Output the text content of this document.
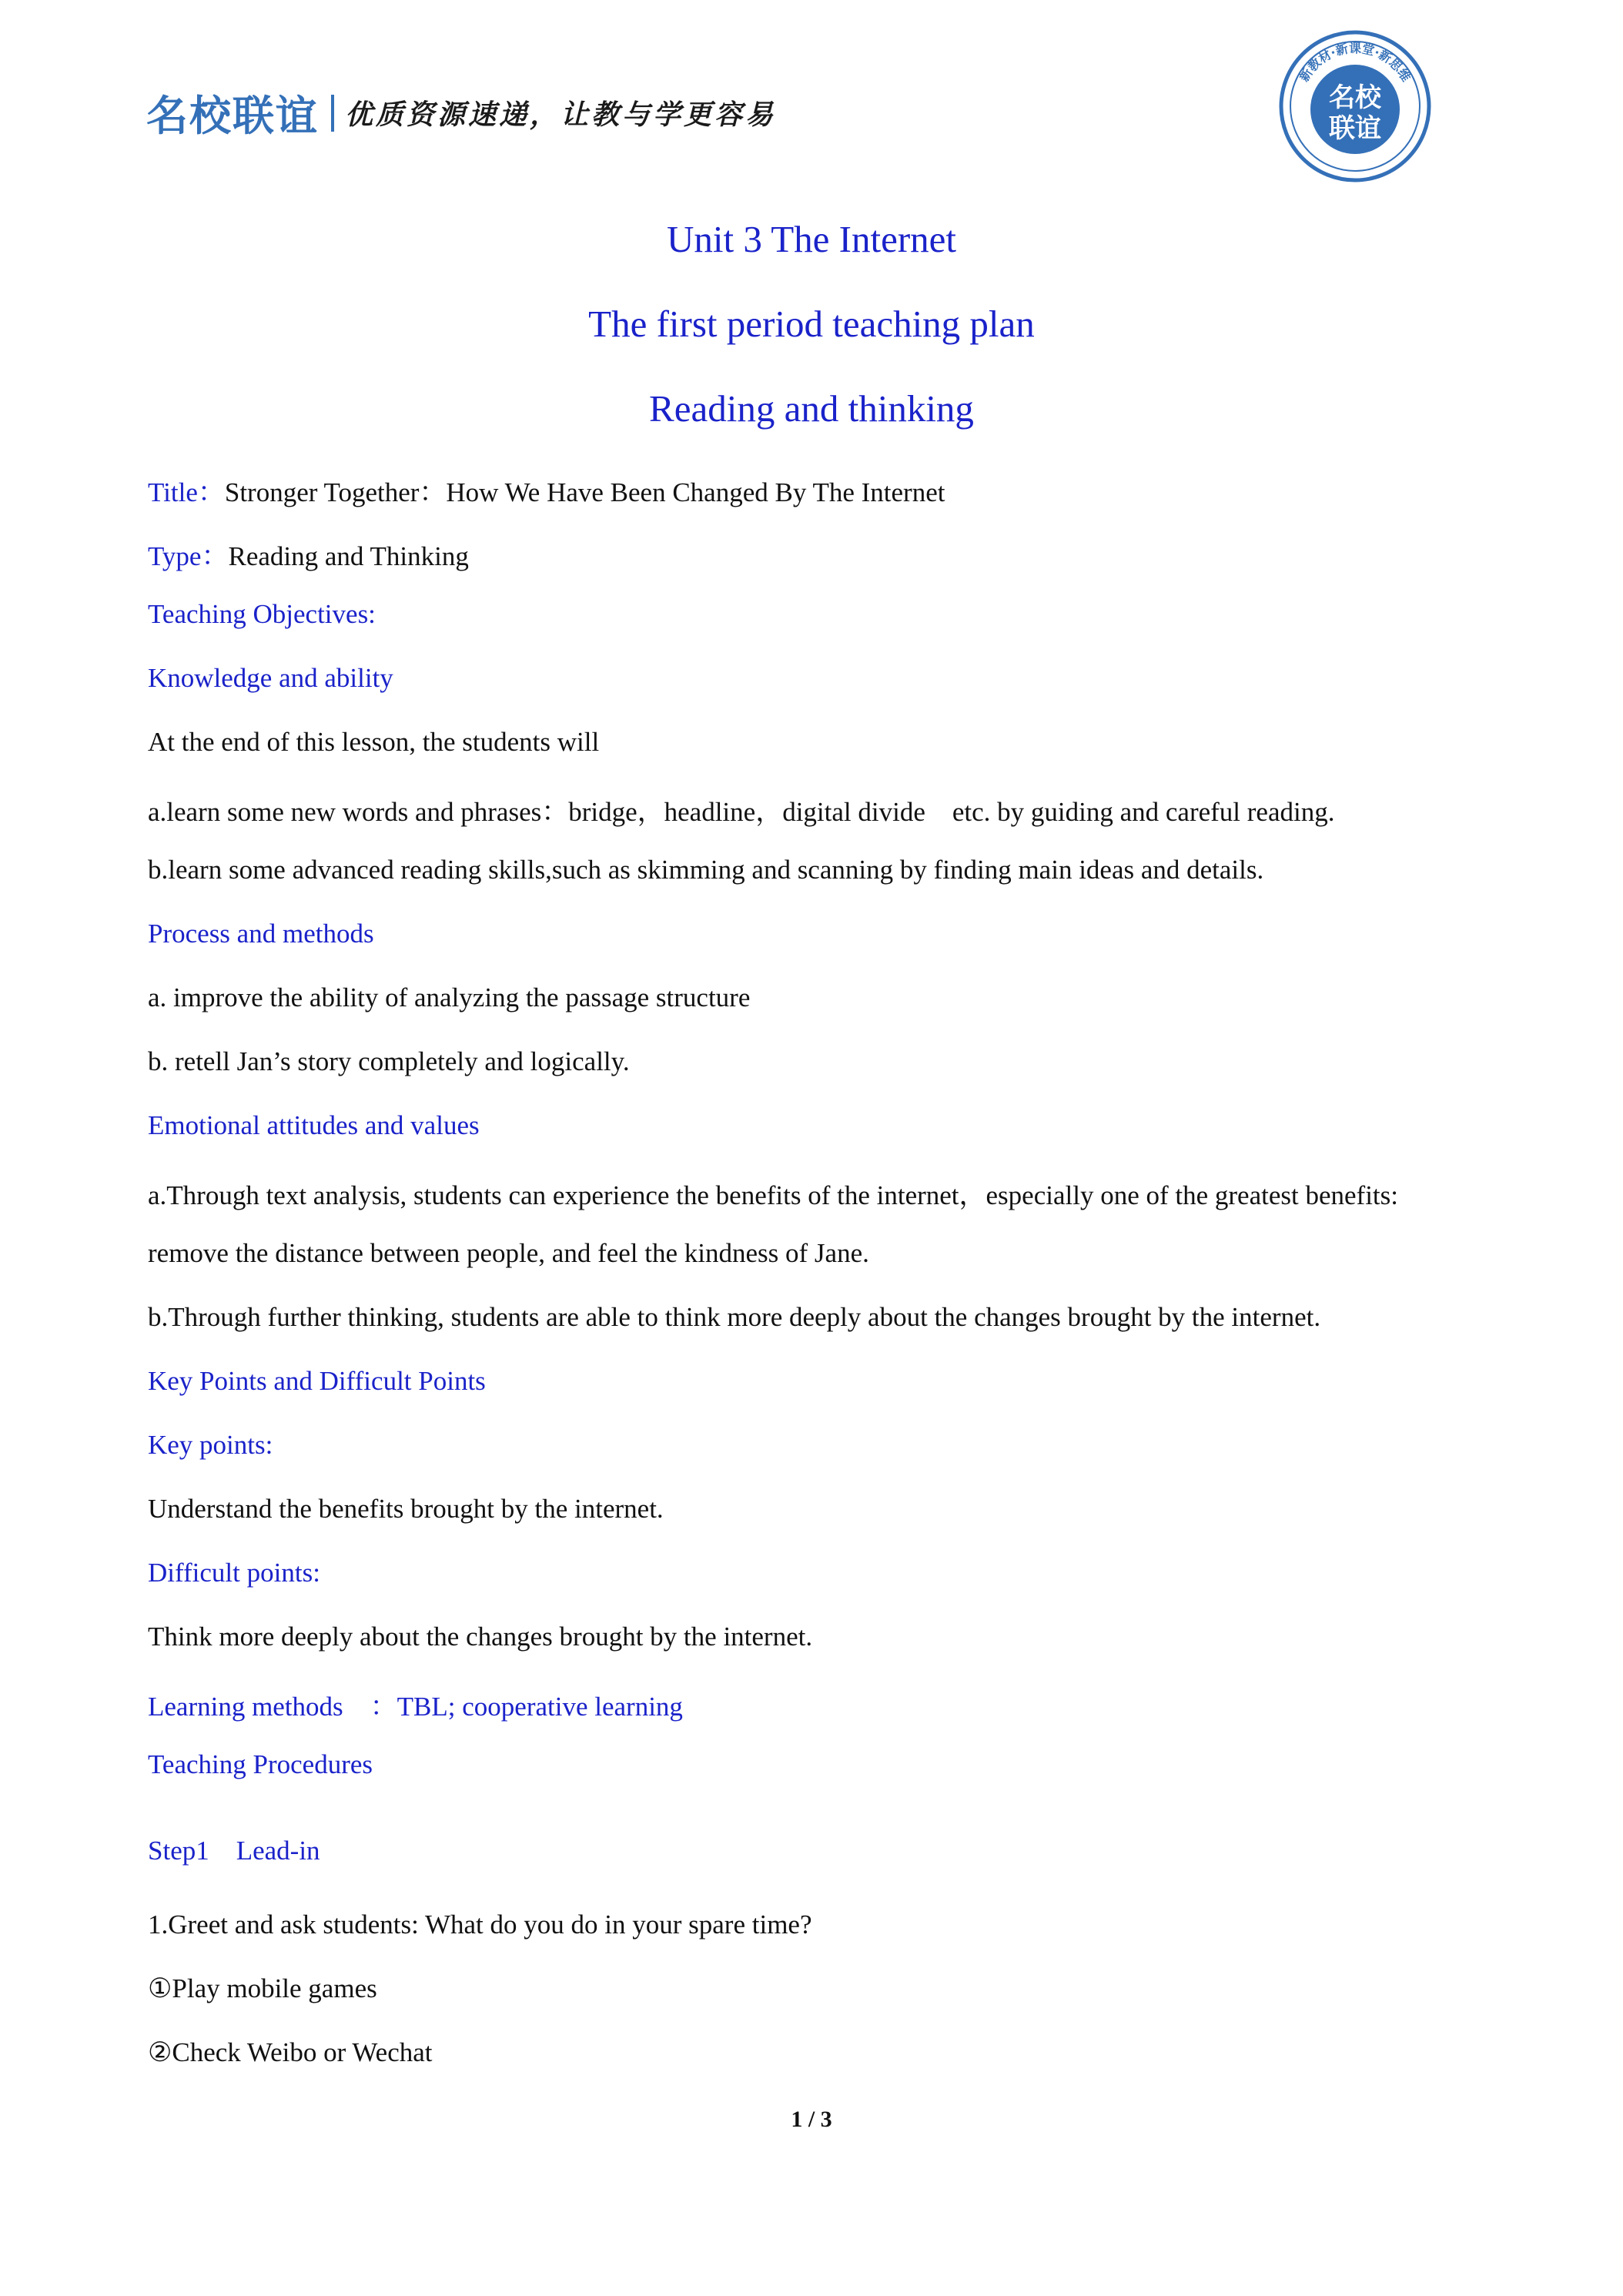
名校联谊 优质资源速递，让教与学更容易
新教材·新课堂·新思维
名校
联谊
Unit 3 The Internet
The first period teaching plan
Reading and thinking
Title：Stronger Together：How We Have Been Changed By The Internet
Type：Reading and Thinking
Teaching Objectives:
Knowledge and ability
At the end of this lesson, the students will
a.learn some new words and phrases：bridge，headline，digital divide　etc. by guiding and careful reading.
b.learn some advanced reading skills,such as skimming and scanning by finding main ideas and details.
Process and methods
a. improve the ability of analyzing the passage structure
b. retell Jan’s story completely and logically.
Emotional attitudes and values
a.Through text analysis, students can experience the benefits of the internet，especially one of the greatest benefits:
remove the distance between people, and feel the kindness of Jane.
b.Through further thinking, students are able to think more deeply about the changes brought by the internet.
Key Points and Difficult Points
Key points:
Understand the benefits brought by the internet.
Difficult points:
Think more deeply about the changes brought by the internet.
Learning methods　：TBL; cooperative learning
Teaching Procedures
Step1　Lead-in
1.Greet and ask students: What do you do in your spare time?
①Play mobile games
②Check Weibo or Wechat
1 / 3
